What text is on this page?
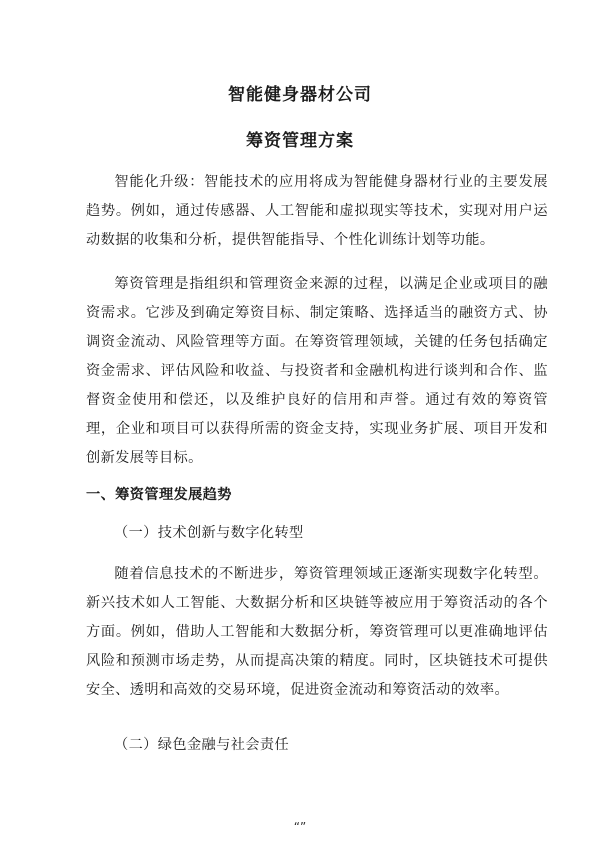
智能健身器材公司
筹资管理方案

智能化升级：智能技术的应用将成为智能健身器材行业的主要发展趋势。例如，通过传感器、人工智能和虚拟现实等技术，实现对用户运动数据的收集和分析，提供智能指导、个性化训练计划等功能。

筹资管理是指组织和管理资金来源的过程，以满足企业或项目的融资需求。它涉及到确定筹资目标、制定策略、选择适当的融资方式、协调资金流动、风险管理等方面。在筹资管理领域，关键的任务包括确定资金需求、评估风险和收益、与投资者和金融机构进行谈判和合作、监督资金使用和偿还，以及维护良好的信用和声誉。通过有效的筹资管理，企业和项目可以获得所需的资金支持，实现业务扩展、项目开发和创新发展等目标。

一、筹资管理发展趋势
（一）技术创新与数字化转型

随着信息技术的不断进步，筹资管理领域正逐渐实现数字化转型。新兴技术如人工智能、大数据分析和区块链等被应用于筹资活动的各个方面。例如，借助人工智能和大数据分析，筹资管理可以更准确地评估风险和预测市场走势，从而提高决策的精度。同时，区块链技术可提供安全、透明和高效的交易环境，促进资金流动和筹资活动的效率。

（二）绿色金融与社会责任
“”
